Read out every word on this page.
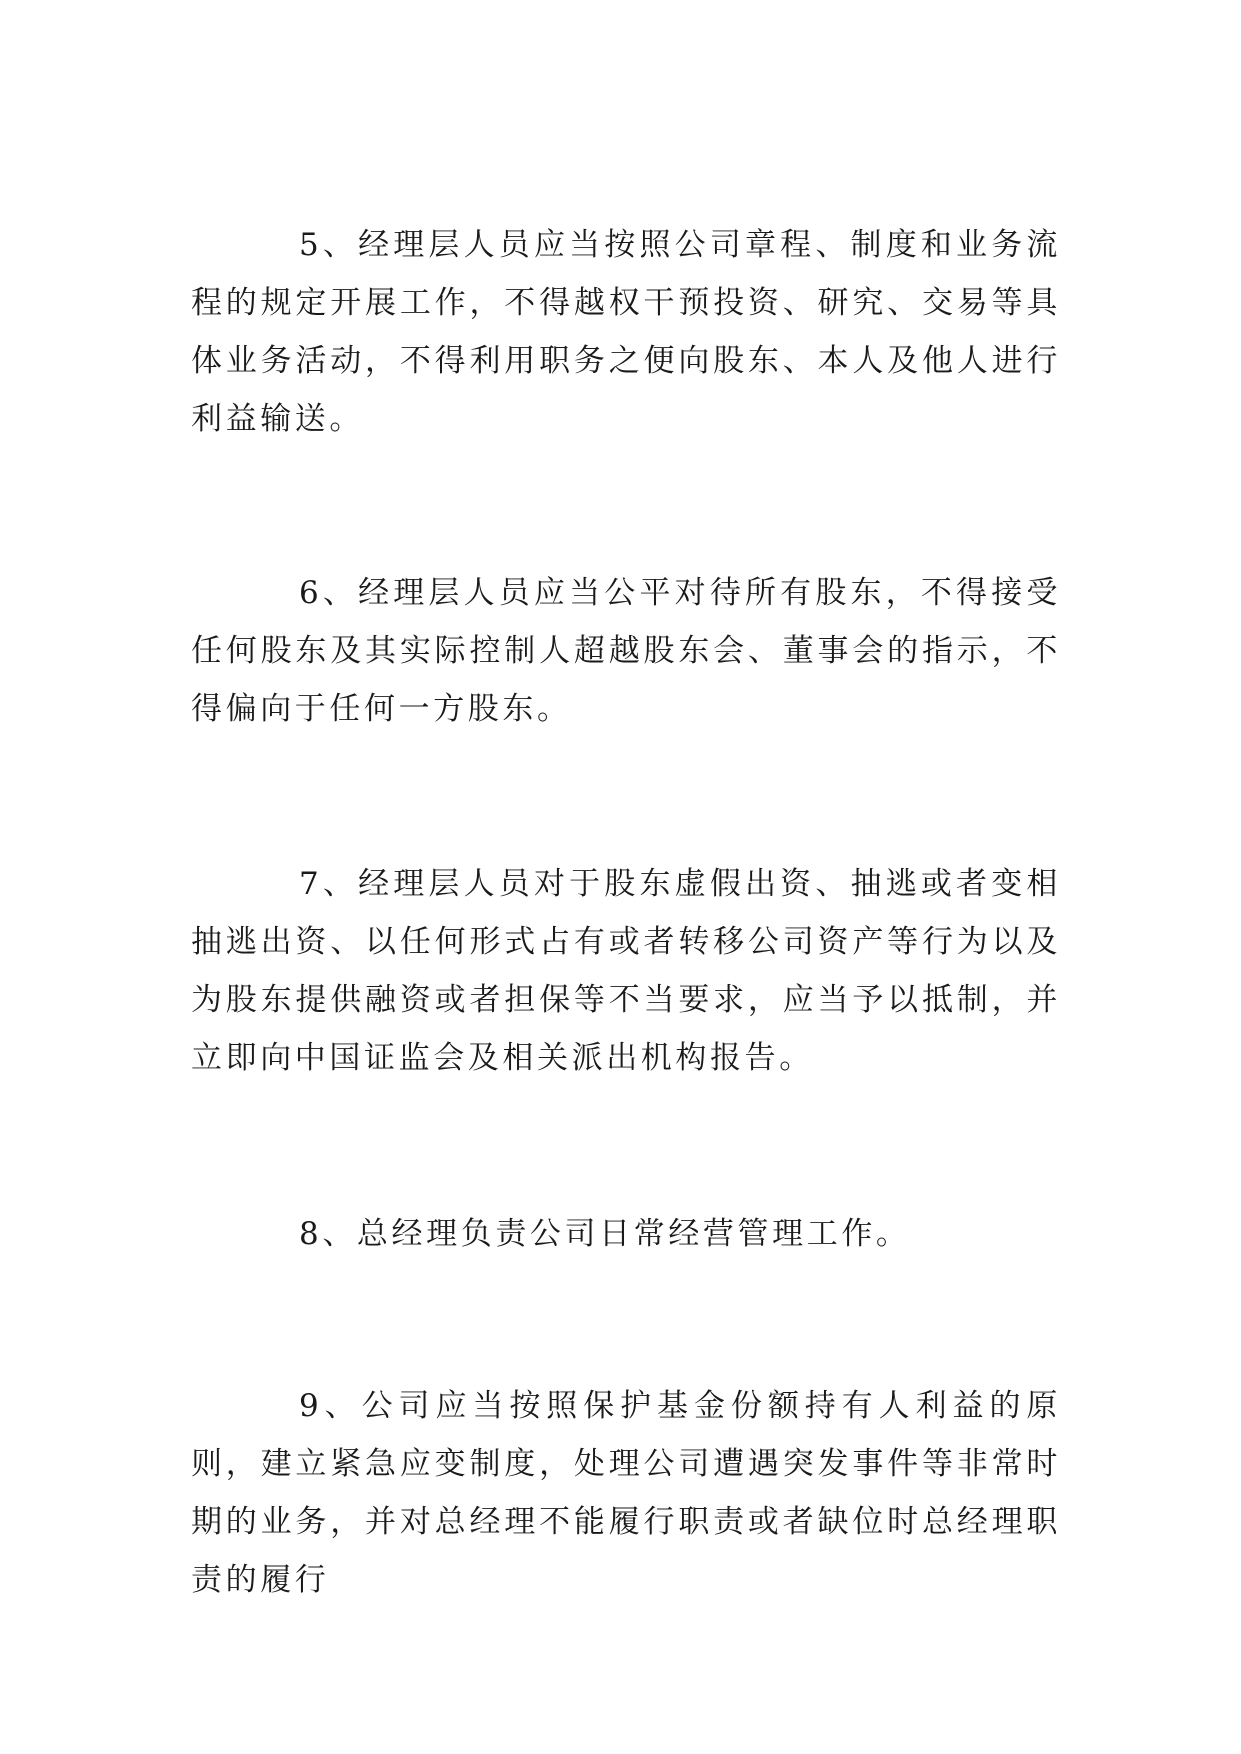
5、经理层人员应当按照公司章程、制度和业务流程的规定开展工作，不得越权干预投资、研究、交易等具体业务活动，不得利用职务之便向股东、本人及他人进行利益输送。

6、经理层人员应当公平对待所有股东，不得接受任何股东及其实际控制人超越股东会、董事会的指示，不得偏向于任何一方股东。

7、经理层人员对于股东虚假出资、抽逃或者变相抽逃出资、以任何形式占有或者转移公司资产等行为以及为股东提供融资或者担保等不当要求，应当予以抵制，并立即向中国证监会及相关派出机构报告。

8、总经理负责公司日常经营管理工作。

9、公司应当按照保护基金份额持有人利益的原则，建立紧急应变制度，处理公司遭遇突发事件等非常时期的业务，并对总经理不能履行职责或者缺位时总经理职责的履行
